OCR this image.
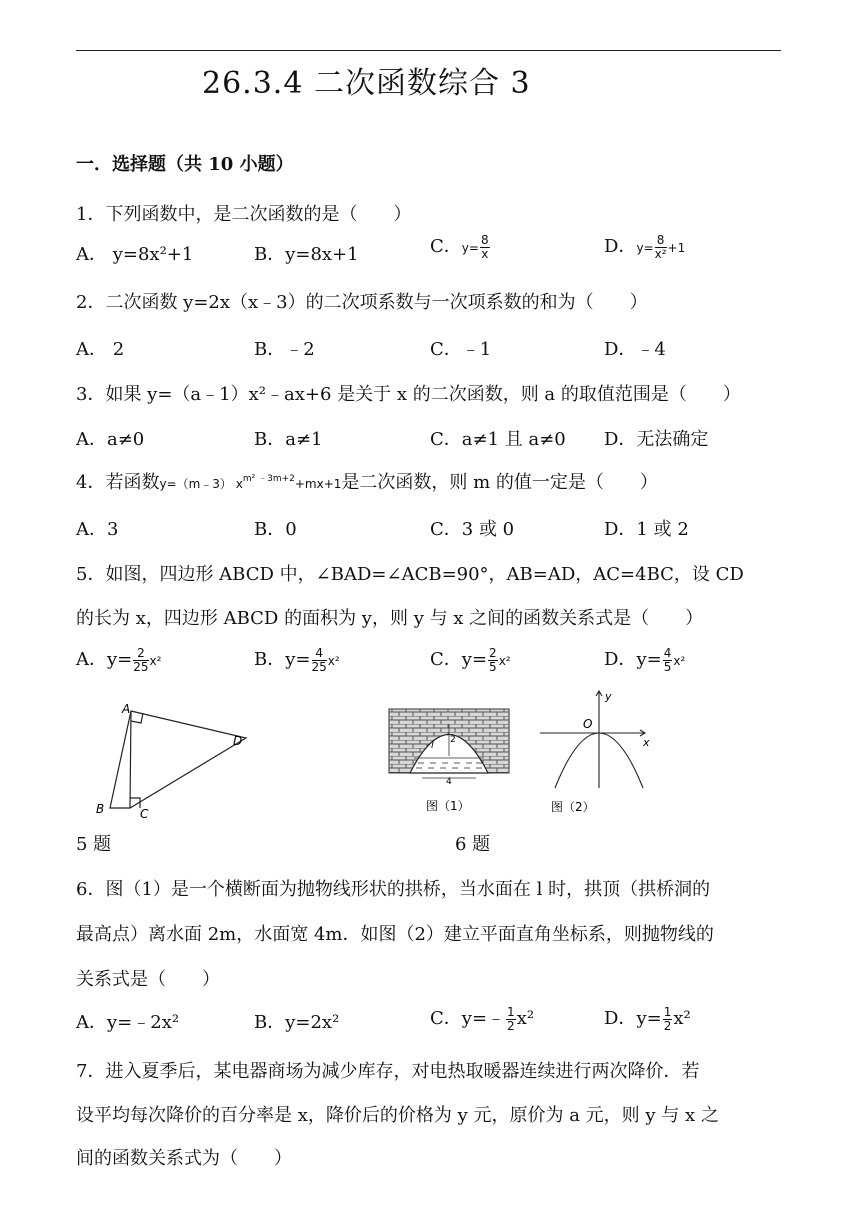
26.3.4 二次函数综合 3
一．选择题（共 10 小题）
1．下列函数中，是二次函数的是（　　）
A． y=8x²+1	B．y=8x+1	C．$y= \frac{8}{x}$	D．$y= \frac{8}{\text{x²}} +1$
2．二次函数 y=2x（x﹣3）的二次项系数与一次项系数的和为（　　）
A． 2	B．﹣2	C．﹣1	D．﹣4
3．如果 y=（a﹣1）x²﹣ax+6 是关于 x 的二次函数，则 a 的取值范围是（　　）
A．a≠0	B．a≠1	C．a≠1 且 a≠0 D．无法确定
4．若函数y=（m﹣3） $x^{m^2 ﹣3m+2}+mx+1$是二次函数，则 m 的值一定是（　　）
A．3	B．0	C．3 或 0	D．1 或 2
5．如图，四边形 ABCD 中，∠BAD=∠ACB=90°，AB=AD，AC=4BC，设 CD
的长为 x，四边形 ABCD 的面积为 y，则 y 与 x 之间的函数关系式是（　　）
A．$y= \frac{2}{25} x^2$	B．$y= \frac{4}{25} x^2$	C．$y= \frac{2}{5} x^2$	D．$y= \frac{4}{5} x^2$
A
B	C
D	2
l
4
图（1）
y
x
O
图（2）
5 题	6 题
6．图（1）是一个横断面为抛物线形状的拱桥，当水面在 l 时，拱顶（拱桥洞的
最高点）离水面 2m，水面宽 4m．如图（2）建立平面直角坐标系，则抛物线的
关系式是（　　）
A．y=﹣2x²	B．y=2x²	C．y=﹣ $\frac{1}{2} x^2$	D．$y= \frac{1}{2} x^2$
7．进入夏季后，某电器商场为减少库存，对电热取暖器连续进行两次降价．若
设平均每次降价的百分率是 x，降价后的价格为 y 元，原价为 a 元，则 y 与 x 之
间的函数关系式为（　　）
